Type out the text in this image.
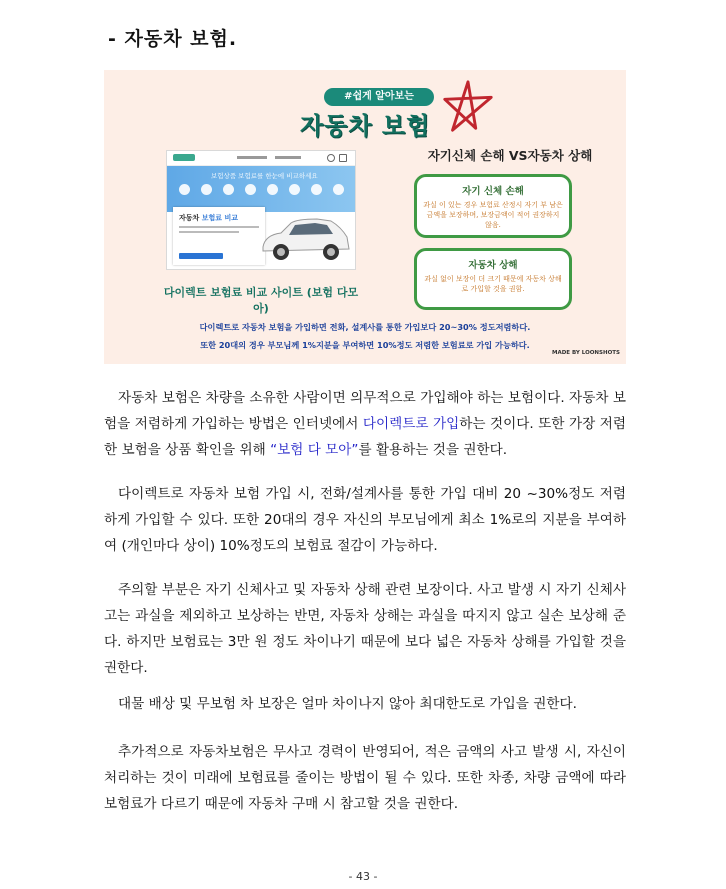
- 자동차 보험.
#쉽게 알아보는
자동차 보험
보험상품 보험료를 한눈에 비교하세요
자동차 보험료 비교
다이렉트 보험료 비교 사이트 (보험 다모아)
자기신체 손해 VS자동차 상해
자기 신체 손해
과실 이 있는 경우 보험료 산정시 자기 부 남은 금액을 보장하며, 보장금액이 적어 권장하지 않음.
자동차 상해
과실 없이 보장이 더 크기 때문에 자동차 상해로 가입할 것을 권함.
다이렉트로 자동차 보험을 가입하면 전화, 설계사를 통한 가입보다 20~30% 정도저렴하다.
또한 20대의 경우 부모님께 1%지분을 부여하면 10%정도 저렴한 보험료로 가입 가능하다.
MADE BY LOONSHOTS
자동차 보험은 차량을 소유한 사람이면 의무적으로 가입해야 하는 보험이다. 자동차 보험을 저렴하게 가입하는 방법은 인터넷에서 다이렉트로 가입하는 것이다. 또한 가장 저렴한 보험을 상품 확인을 위해 “보험 다 모아”를 활용하는 것을 권한다.
다이렉트로 자동차 보험 가입 시, 전화/설계사를 통한 가입 대비 20 ~30%정도 저렴하게 가입할 수 있다. 또한 20대의 경우 자신의 부모님에게 최소 1%로의 지분을 부여하여 (개인마다 상이) 10%정도의 보험료 절감이 가능하다.
주의할 부분은 자기 신체사고 및 자동차 상해 관련 보장이다. 사고 발생 시 자기 신체사고는 과실을 제외하고 보상하는 반면, 자동차 상해는 과실을 따지지 않고 실손 보상해 준다. 하지만 보험료는 3만 원 정도 차이나기 때문에 보다 넓은 자동차 상해를 가입할 것을 권한다.
대물 배상 및 무보험 차 보장은 얼마 차이나지 않아 최대한도로 가입을 권한다.
추가적으로 자동차보험은 무사고 경력이 반영되어, 적은 금액의 사고 발생 시, 자신이 처리하는 것이 미래에 보험료를 줄이는 방법이 될 수 있다. 또한 차종, 차량 금액에 따라 보험료가 다르기 때문에 자동차 구매 시 참고할 것을 권한다.
- 43 -
